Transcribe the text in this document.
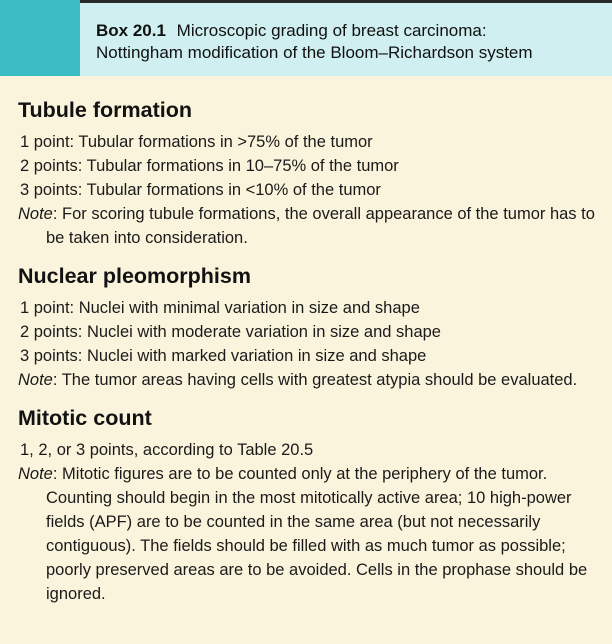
Box 20.1 Microscopic grading of breast carcinoma:
Nottingham modification of the Bloom–Richardson system
Tubule formation

1 point: Tubular formations in >75% of the tumor

2 points: Tubular formations in 10–75% of the tumor

3 points: Tubular formations in <10% of the tumor

Note: For scoring tubule formations, the overall appearance of the tumor has to be taken into consideration.

Nuclear pleomorphism

1 point: Nuclei with minimal variation in size and shape

2 points: Nuclei with moderate variation in size and shape

3 points: Nuclei with marked variation in size and shape

Note: The tumor areas having cells with greatest atypia should be evaluated.

Mitotic count

1, 2, or 3 points, according to Table 20.5

Note: Mitotic figures are to be counted only at the periphery of the tumor. Counting should begin in the most mitotically active area; 10 high-power fields (APF) are to be counted in the same area (but not necessarily contiguous). The fields should be filled with as much tumor as possible; poorly preserved areas are to be avoided. Cells in the prophase should be ignored.
